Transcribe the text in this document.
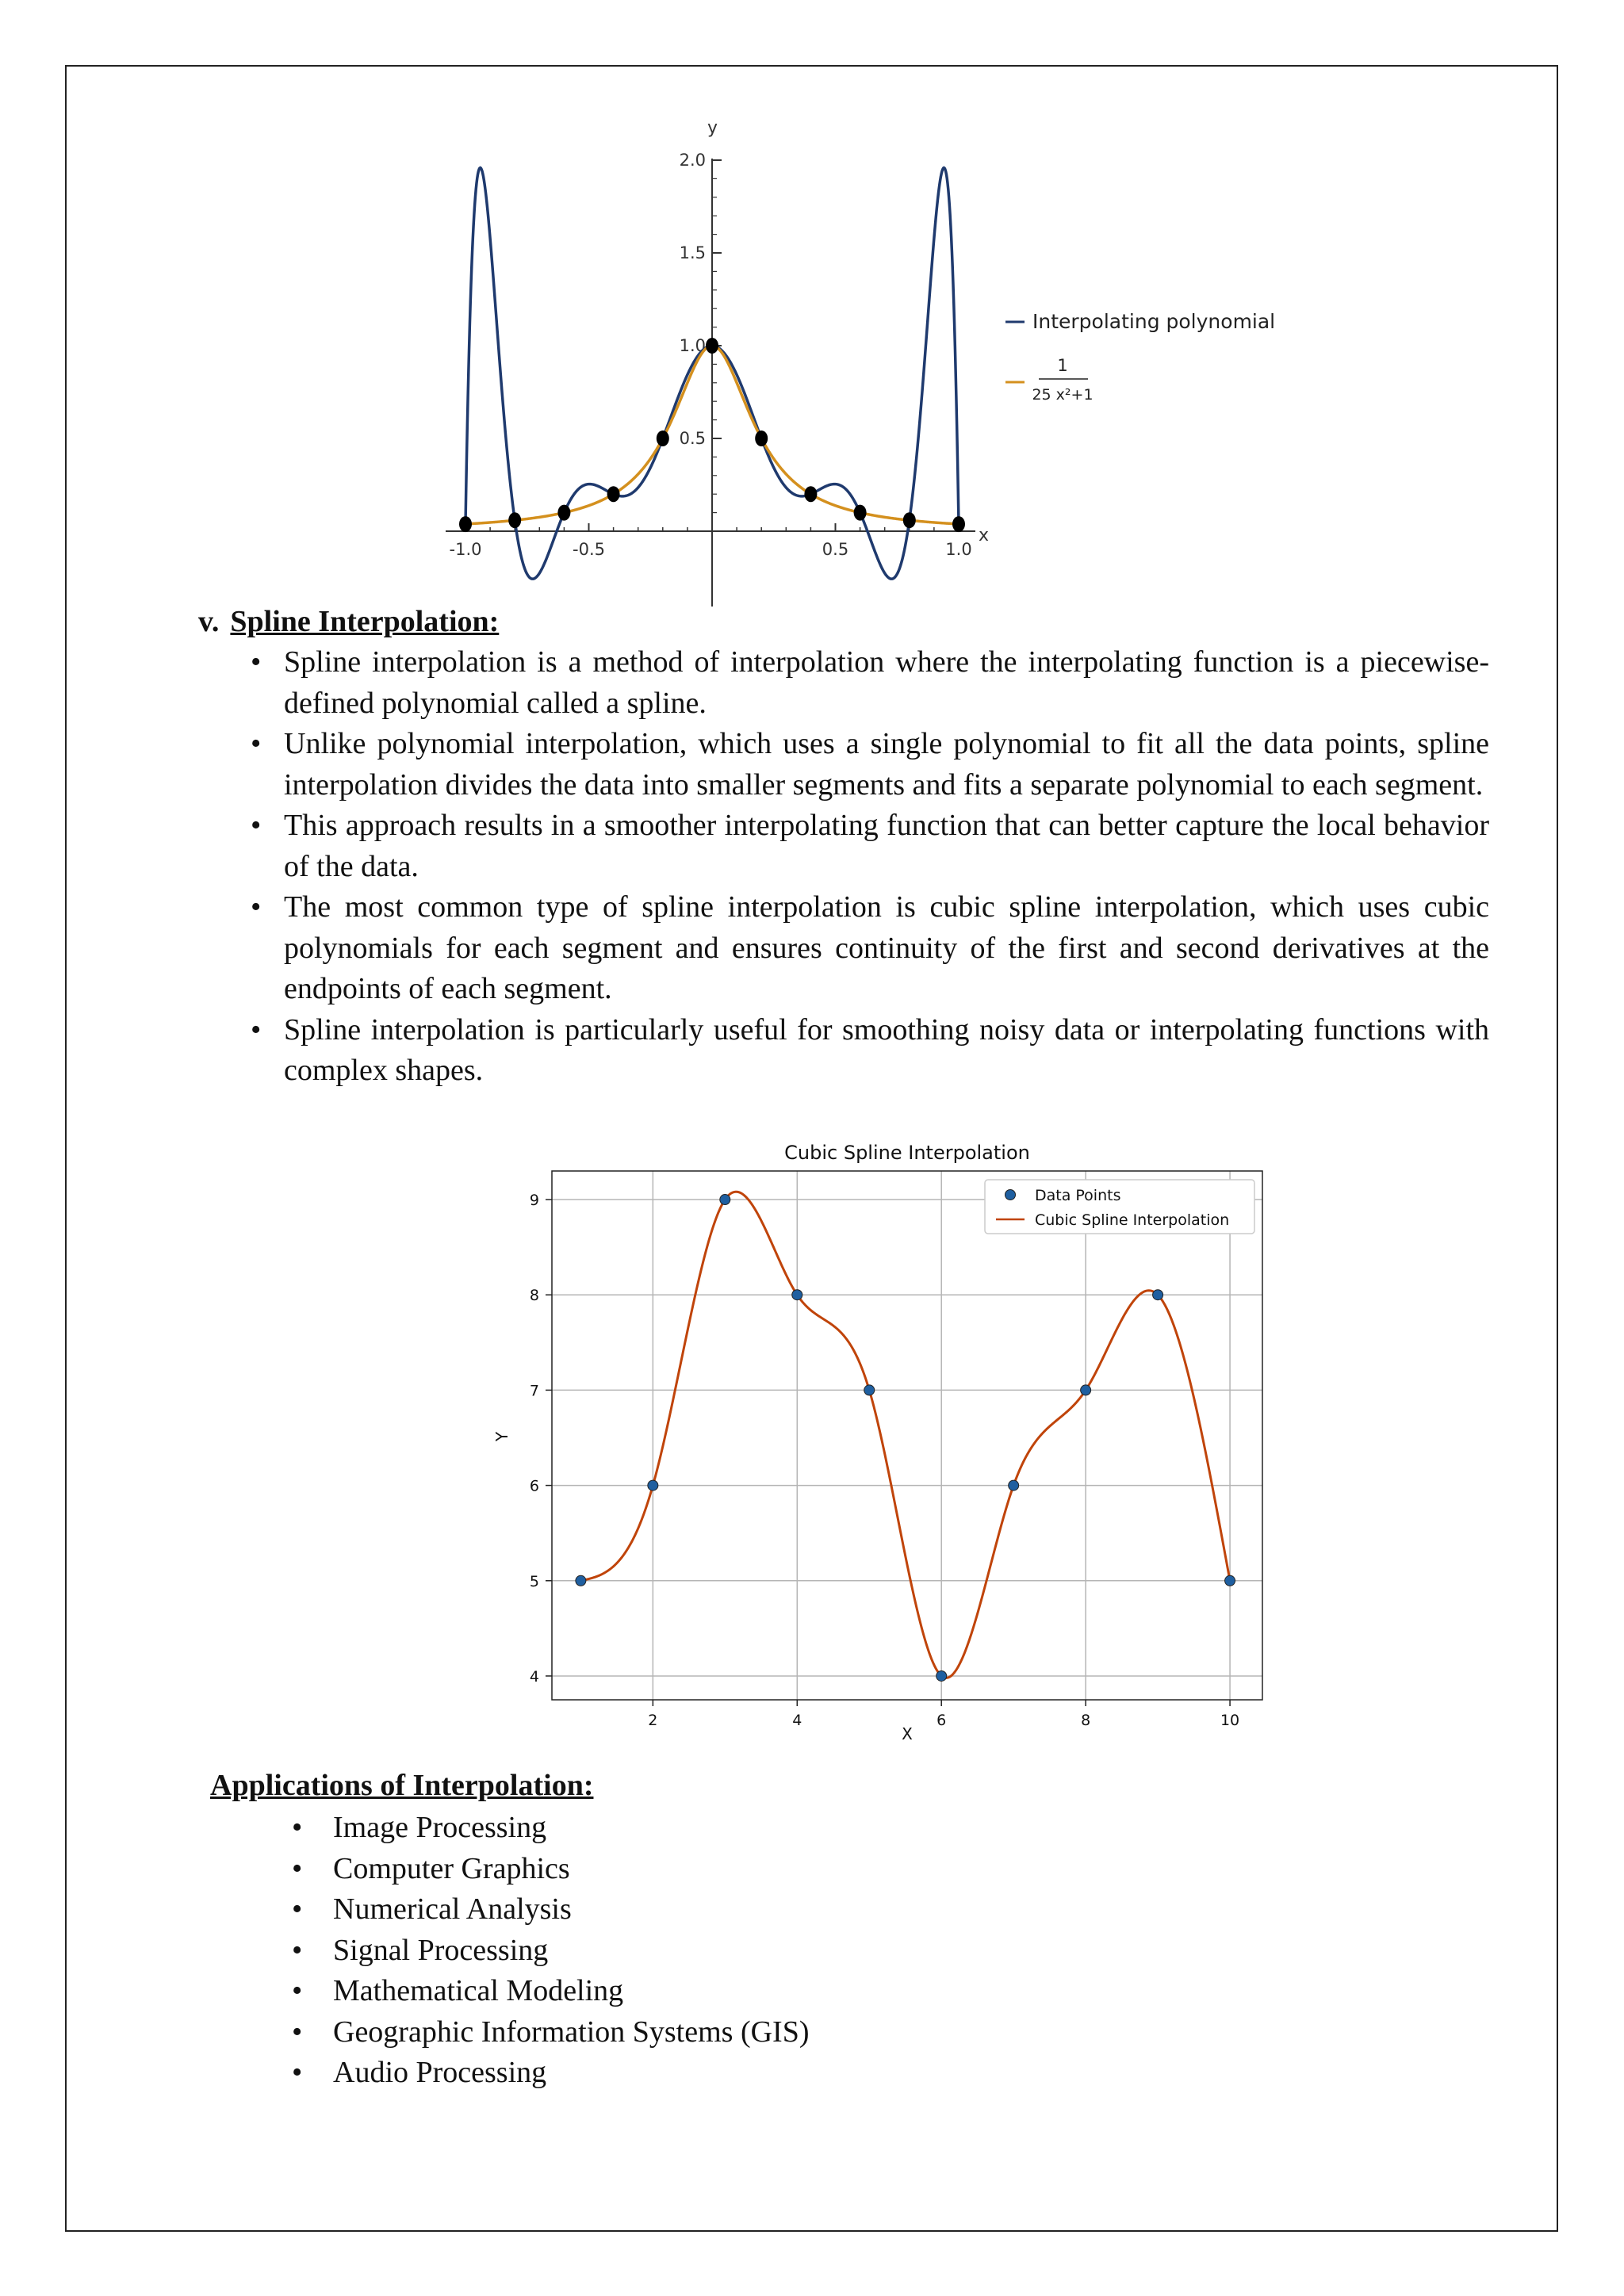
x
y
-1.0	-0.5	0.5	1.0
0.5
1.0
1.5
2.0
Interpolating polynomial
1
25 x²+1
v. Spline Interpolation:
• Spline interpolation is a method of interpolation where the interpolating function is a piecewise-defined polynomial called a spline.
• Unlike polynomial interpolation, which uses a single polynomial to fit all the data points, spline interpolation divides the data into smaller segments and fits a separate polynomial to each segment.
• This approach results in a smoother interpolating function that can better capture the local behavior of the data.
• The most common type of spline interpolation is cubic spline interpolation, which uses cubic polynomials for each segment and ensures continuity of the first and second derivatives at the endpoints of each segment.
• Spline interpolation is particularly useful for smoothing noisy data or interpolating functions with complex shapes.
Cubic Spline Interpolation
2	4	6	8	10
4
5
6
7
8
9
X
Y
Data Points
Cubic Spline Interpolation
Applications of Interpolation:
• Image Processing
• Computer Graphics
• Numerical Analysis
• Signal Processing
• Mathematical Modeling
• Geographic Information Systems (GIS)
• Audio Processing
